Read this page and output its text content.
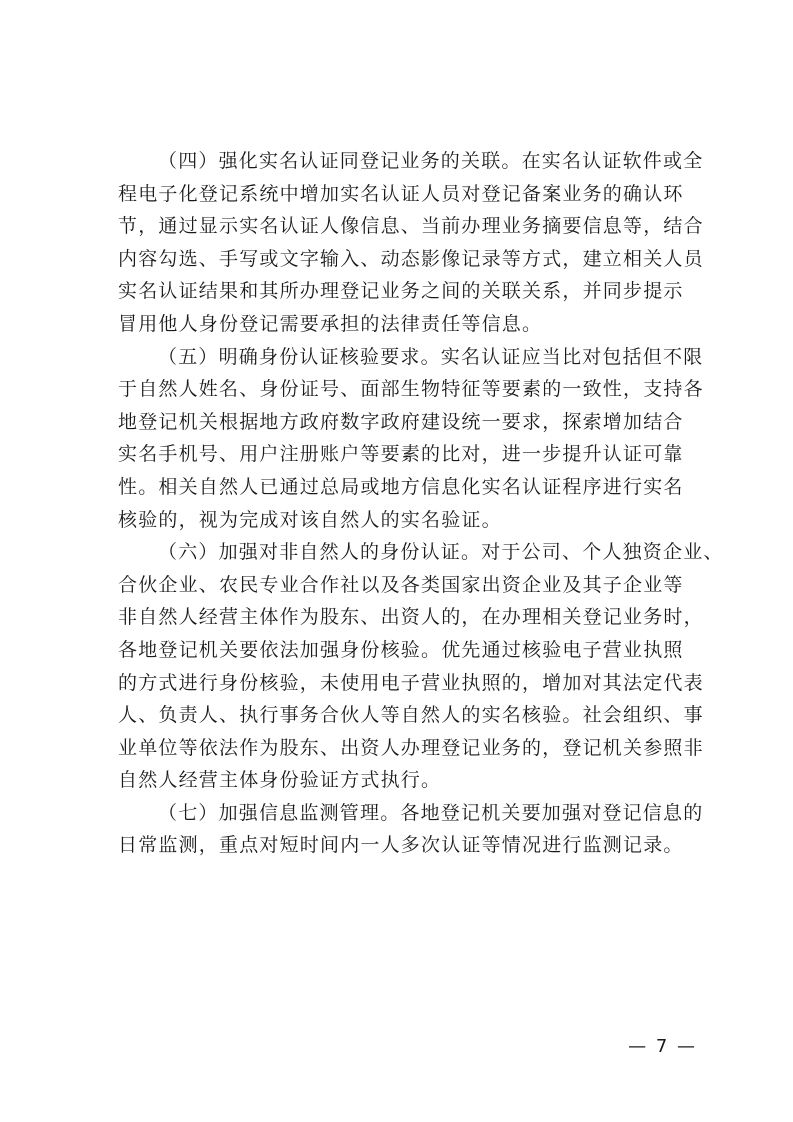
（四）强化实名认证同登记业务的关联。在实名认证软件或全
程电子化登记系统中增加实名认证人员对登记备案业务的确认环
节，通过显示实名认证人像信息、当前办理业务摘要信息等，结合
内容勾选、手写或文字输入、动态影像记录等方式，建立相关人员
实名认证结果和其所办理登记业务之间的关联关系，并同步提示
冒用他人身份登记需要承担的法律责任等信息。

（五）明确身份认证核验要求。实名认证应当比对包括但不限
于自然人姓名、身份证号、面部生物特征等要素的一致性，支持各
地登记机关根据地方政府数字政府建设统一要求，探索增加结合
实名手机号、用户注册账户等要素的比对，进一步提升认证可靠
性。相关自然人已通过总局或地方信息化实名认证程序进行实名
核验的，视为完成对该自然人的实名验证。

（六）加强对非自然人的身份认证。对于公司、个人独资企业、
合伙企业、农民专业合作社以及各类国家出资企业及其子企业等
非自然人经营主体作为股东、出资人的，在办理相关登记业务时，
各地登记机关要依法加强身份核验。优先通过核验电子营业执照
的方式进行身份核验，未使用电子营业执照的，增加对其法定代表
人、负责人、执行事务合伙人等自然人的实名核验。社会组织、事
业单位等依法作为股东、出资人办理登记业务的，登记机关参照非
自然人经营主体身份验证方式执行。

（七）加强信息监测管理。各地登记机关要加强对登记信息的
日常监测，重点对短时间内一人多次认证等情况进行监测记录。

— 7 —
